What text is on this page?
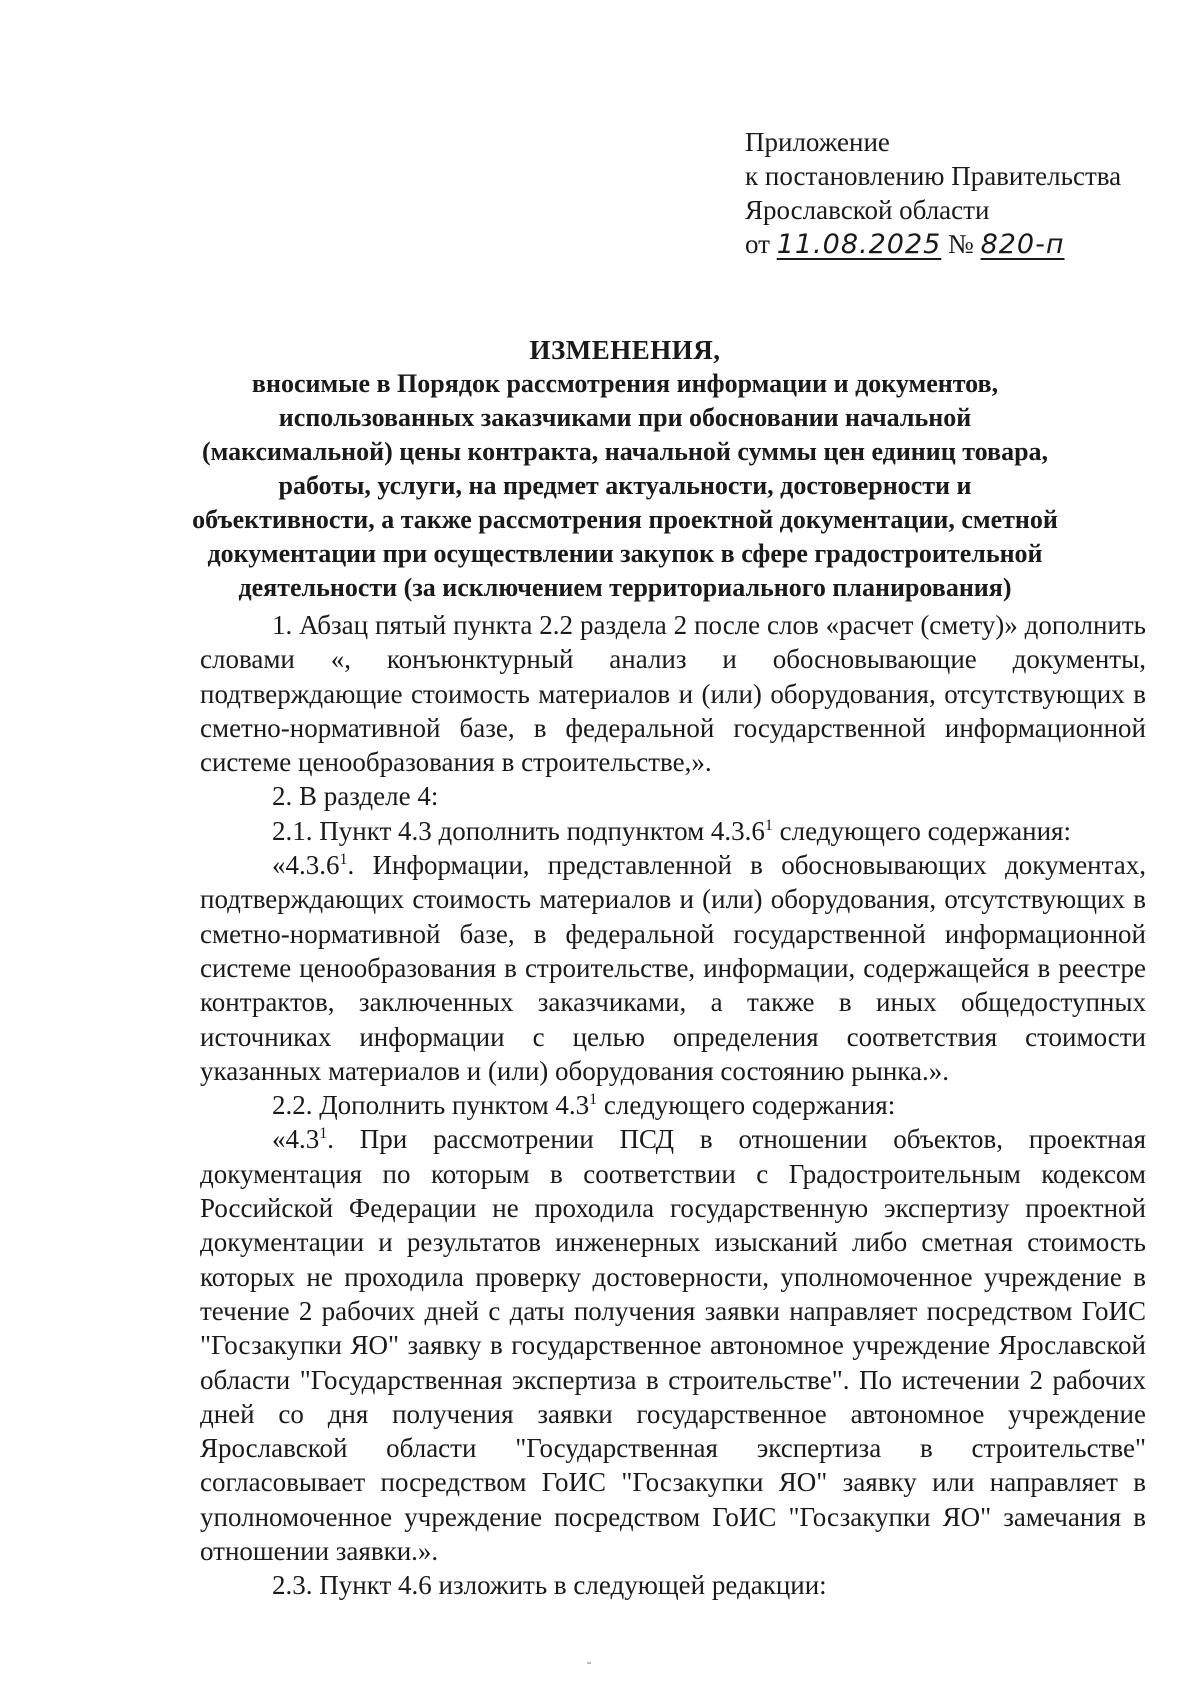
Приложение
к постановлению Правительства
Ярославской области
от 11.08.2025 № 820-п
ИЗМЕНЕНИЯ,
вносимые в Порядок рассмотрения информации и документов,
использованных заказчиками при обосновании начальной
(максимальной) цены контракта, начальной суммы цен единиц товара,
работы, услуги, на предмет актуальности, достоверности и
объективности, а также рассмотрения проектной документации, сметной
документации при осуществлении закупок в сфере градостроительной
деятельности (за исключением территориального планирования)

1. Абзац пятый пункта 2.2 раздела 2 после слов «расчет (смету)» дополнить словами «, конъюнктурный анализ и обосновывающие документы, подтверждающие стоимость материалов и (или) оборудования, отсутствующих в сметно-нормативной базе, в федеральной государственной информационной системе ценообразования в строительстве,».

2. В разделе 4:

2.1. Пункт 4.3 дополнить подпунктом 4.3.6$^1$ следующего содержания:

«4.3.6$^1$. Информации, представленной в обосновывающих документах, подтверждающих стоимость материалов и (или) оборудования, отсутствующих в сметно-нормативной базе, в федеральной государственной информационной системе ценообразования в строительстве, информации, содержащейся в реестре контрактов, заключенных заказчиками, а также в иных общедоступных источниках информации с целью определения соответствия стоимости указанных материалов и (или) оборудования состоянию рынка.».

2.2. Дополнить пунктом $4.3^1$ следующего содержания:

«$4.3^1$. При рассмотрении ПСД в отношении объектов, проектная документация по которым в соответствии с Градостроительным кодексом Российской Федерации не проходила государственную экспертизу проектной документации и результатов инженерных изысканий либо сметная стоимость которых не проходила проверку достоверности, уполномоченное учреждение в течение 2 рабочих дней с даты получения заявки направляет посредством ГоИС "Госзакупки ЯО" заявку в государственное автономное учреждение Ярославской области "Государственная экспертиза в строительстве". По истечении 2 рабочих дней со дня получения заявки государственное автономное учреждение Ярославской области "Государственная экспертиза в строительстве" согласовывает посредством ГоИС "Госзакупки ЯО" заявку или направляет в уполномоченное учреждение посредством ГоИС "Госзакупки ЯО" замечания в отношении заявки.».

2.3. Пункт 4.6 изложить в следующей редакции:
